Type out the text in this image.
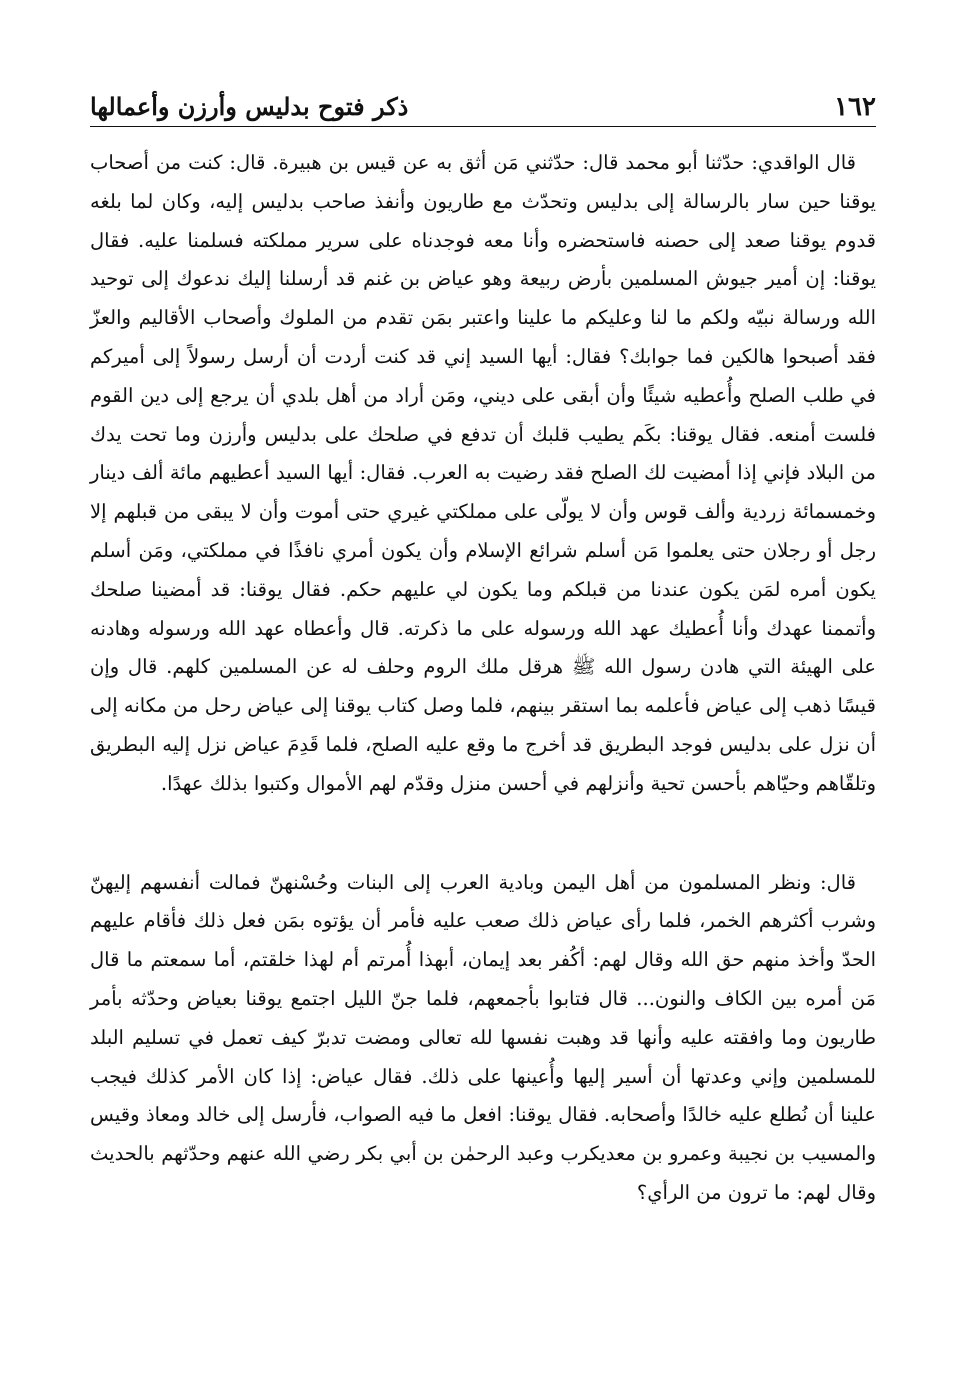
١٦٢
ذكر فتوح بدليس وأرزن وأعمالها

قال الواقدي: حدّثنا أبو محمد قال: حدّثني مَن أثق به عن قيس بن هبيرة. قال: كنت من أصحاب يوقنا حين سار بالرسالة إلى بدليس وتحدّث مع طاريون وأنفذ صاحب بدليس إليه، وكان لما بلغه قدوم يوقنا صعد إلى حصنه فاستحضره وأنا معه فوجدناه على سرير مملكته فسلمنا عليه. فقال يوقنا: إن أمير جيوش المسلمين بأرض ربيعة وهو عياض بن غنم قد أرسلنا إليك ندعوك إلى توحيد الله ورسالة نبيّه ولكم ما لنا وعليكم ما علينا واعتبر بمَن تقدم من الملوك وأصحاب الأقاليم والعزّ فقد أصبحوا هالكين فما جوابك؟ فقال: أيها السيد إني قد كنت أردت أن أرسل رسولاً إلى أميركم في طلب الصلح وأُعطيه شيئًا وأن أبقى على ديني، ومَن أراد من أهل بلدي أن يرجع إلى دين القوم فلست أمنعه. فقال يوقنا: بكَم يطيب قلبك أن تدفع في صلحك على بدليس وأرزن وما تحت يدك من البلاد فإني إذا أمضيت لك الصلح فقد رضيت به العرب. فقال: أيها السيد أعطيهم مائة ألف دينار وخمسمائة زردية وألف قوس وأن لا يولّى على مملكتي غيري حتى أموت وأن لا يبقى من قبلهم إلا رجل أو رجلان حتى يعلموا مَن أسلم شرائع الإسلام وأن يكون أمري نافذًا في مملكتي، ومَن أسلم يكون أمره لمَن يكون عندنا من قبلكم وما يكون لي عليهم حكم. فقال يوقنا: قد أمضينا صلحك وأتممنا عهدك وأنا أُعطيك عهد الله ورسوله على ما ذكرته. قال وأعطاه عهد الله ورسوله وهادنه على الهيئة التي هادن رسول الله ﷺ هرقل ملك الروم وحلف له عن المسلمين كلهم. قال وإن قيسًا ذهب إلى عياض فأعلمه بما استقر بينهم، فلما وصل كتاب يوقنا إلى عياض رحل من مكانه إلى أن نزل على بدليس فوجد البطريق قد أخرج ما وقع عليه الصلح، فلما قَدِمَ عياض نزل إليه البطريق وتلقّاهم وحيّاهم بأحسن تحية وأنزلهم في أحسن منزل وقدّم لهم الأموال وكتبوا بذلك عهدًا.

قال: ونظر المسلمون من أهل اليمن وبادية العرب إلى البنات وحُسْنهنّ فمالت أنفسهم إليهنّ وشرب أكثرهم الخمر، فلما رأى عياض ذلك صعب عليه فأمر أن يؤتوه بمَن فعل ذلك فأقام عليهم الحدّ وأخذ منهم حق الله وقال لهم: أكُفر بعد إيمان، أبهذا أُمرتم أم لهذا خلقتم، أما سمعتم ما قال مَن أمره بين الكاف والنون... قال فتابوا بأجمعهم، فلما جنّ الليل اجتمع يوقنا بعياض وحدّثه بأمر طاريون وما وافقته عليه وأنها قد وهبت نفسها لله تعالى ومضت تدبرّ كيف تعمل في تسليم البلد للمسلمين وإني وعدتها أن أسير إليها وأُعينها على ذلك. فقال عياض: إذا كان الأمر كذلك فيجب علينا أن نُطلع عليه خالدًا وأصحابه. فقال يوقنا: افعل ما فيه الصواب، فأرسل إلى خالد ومعاذ وقيس والمسيب بن نجيبة وعمرو بن معديكرب وعبد الرحمٰن بن أبي بكر رضي الله عنهم وحدّثهم بالحديث وقال لهم: ما ترون من الرأي؟
